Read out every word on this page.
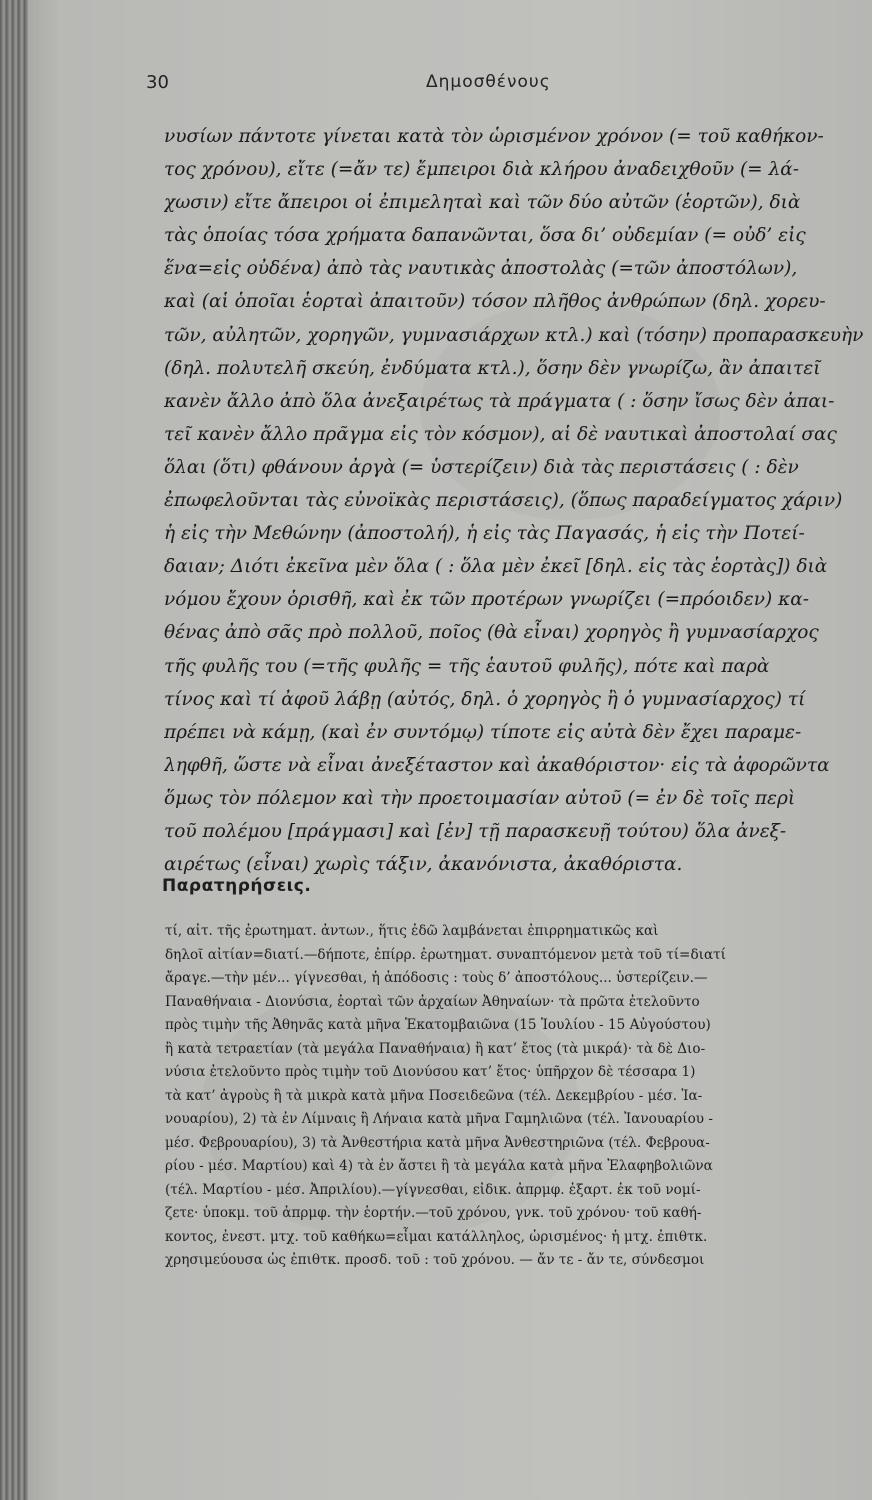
30	Δημοσθένους
νυσίων πάντοτε γίνεται κατὰ τὸν ὡρισμένον χρόνον (= τοῦ καθήκον-
τος χρόνου), εἴτε (=ἄν τε) ἔμπειροι διὰ κλήρου ἀναδειχθοῦν (= λά-
χωσιν) εἴτε ἄπειροι οἱ ἐπιμεληταὶ καὶ τῶν δύο αὐτῶν (ἑορτῶν), διὰ
τὰς ὁποίας τόσα χρήματα δαπανῶνται, ὅσα δι’ οὐδεμίαν (= οὐδ’ εἰς
ἕνα=εἰς οὐδένα) ἀπὸ τὰς ναυτικὰς ἀποστολὰς (=τῶν ἀποστόλων),
καὶ (αἱ ὁποῖαι ἑορταὶ ἀπαιτοῦν) τόσον πλῆθος ἀνθρώπων (δηλ. χορευ-
τῶν, αὐλητῶν, χορηγῶν, γυμνασιάρχων κτλ.) καὶ (τόσην) προπαρασκευὴν
(δηλ. πολυτελῆ σκεύη, ἐνδύματα κτλ.), ὅσην δὲν γνωρίζω, ἂν ἀπαιτεῖ
κανὲν ἄλλο ἀπὸ ὅλα ἀνεξαιρέτως τὰ πράγματα ( : ὅσην ἴσως δὲν ἀπαι-
τεῖ κανὲν ἄλλο πρᾶγμα εἰς τὸν κόσμον), αἱ δὲ ναυτικαὶ ἀποστολαί σας
ὅλαι (ὅτι) φθάνουν ἀργὰ (= ὑστερίζειν) διὰ τὰς περιστάσεις ( : δὲν
ἐπωφελοῦνται τὰς εὐνοϊκὰς περιστάσεις), (ὅπως παραδείγματος χάριν)
ἡ εἰς τὴν Μεθώνην (ἀποστολή), ἡ εἰς τὰς Παγασάς, ἡ εἰς τὴν Ποτεί-
δαιαν; Διότι ἐκεῖνα μὲν ὅλα ( : ὅλα μὲν ἐκεῖ [δηλ. εἰς τὰς ἑορτὰς]) διὰ
νόμου ἔχουν ὁρισθῆ, καὶ ἐκ τῶν προτέρων γνωρίζει (=πρόοιδεν) κα-
θένας ἀπὸ σᾶς πρὸ πολλοῦ, ποῖος (θὰ εἶναι) χορηγὸς ἢ γυμνασίαρχος
τῆς φυλῆς του (=τῆς φυλῆς = τῆς ἑαυτοῦ φυλῆς), πότε καὶ παρὰ
τίνος καὶ τί ἀφοῦ λάβῃ (αὐτός, δηλ. ὁ χορηγὸς ἢ ὁ γυμνασίαρχος) τί
πρέπει νὰ κάμῃ, (καὶ ἐν συντόμῳ) τίποτε εἰς αὐτὰ δὲν ἔχει παραμε-
ληφθῆ, ὥστε νὰ εἶναι ἀνεξέταστον καὶ ἀκαθόριστον· εἰς τὰ ἀφορῶντα
ὅμως τὸν πόλεμον καὶ τὴν προετοιμασίαν αὐτοῦ (= ἐν δὲ τοῖς περὶ
τοῦ πολέμου [πράγμασι] καὶ [ἐν] τῇ παρασκευῇ τούτου) ὅλα ἀνεξ-
αιρέτως (εἶναι) χωρὶς τάξιν, ἀκανόνιστα, ἀκαθόριστα.
Παρατηρήσεις.
τί, αἰτ. τῆς ἐρωτηματ. ἀντων., ἥτις ἐδῶ λαμβάνεται ἐπιρρηματικῶς καὶ
δηλοῖ αἰτίαν=διατί.—δήποτε, ἐπίρρ. ἐρωτηματ. συναπτόμενον μετὰ τοῦ τί=διατί
ἄραγε.—τὴν μέν... γίγνεσθαι, ἡ ἀπόδοσις : τοὺς δ’ ἀποστόλους... ὑστερίζειν.—
Παναθήναια - Διονύσια, ἑορταὶ τῶν ἀρχαίων Ἀθηναίων· τὰ πρῶτα ἐτελοῦντο
πρὸς τιμὴν τῆς Ἀθηνᾶς κατὰ μῆνα Ἑκατομβαιῶνα (15 Ἰουλίου - 15 Αὐγούστου)
ἢ κατὰ τετραετίαν (τὰ μεγάλα Παναθήναια) ἢ κατ’ ἔτος (τὰ μικρά)· τὰ δὲ Διο-
νύσια ἐτελοῦντο πρὸς τιμὴν τοῦ Διονύσου κατ’ ἔτος· ὑπῆρχον δὲ τέσσαρα 1)
τὰ κατ’ ἀγροὺς ἢ τὰ μικρὰ κατὰ μῆνα Ποσειδεῶνα (τέλ. Δεκεμβρίου - μέσ. Ἰα-
νουαρίου), 2) τὰ ἐν Λίμναις ἢ Λήναια κατὰ μῆνα Γαμηλιῶνα (τέλ. Ἰανουαρίου -
μέσ. Φεβρουαρίου), 3) τὰ Ἀνθεστήρια κατὰ μῆνα Ἀνθεστηριῶνα (τέλ. Φεβρουα-
ρίου - μέσ. Μαρτίου) καὶ 4) τὰ ἐν ἄστει ἢ τὰ μεγάλα κατὰ μῆνα Ἐλαφηβολιῶνα
(τέλ. Μαρτίου - μέσ. Ἀπριλίου).—γίγνεσθαι, εἰδικ. ἀπρμφ. ἐξαρτ. ἐκ τοῦ νομί-
ζετε· ὑποκμ. τοῦ ἀπρμφ. τὴν ἑορτήν.—τοῦ χρόνου, γνκ. τοῦ χρόνου· τοῦ καθή-
κοντος, ἐνεστ. μτχ. τοῦ καθήκω=εἶμαι κατάλληλος, ὡρισμένος· ἡ μτχ. ἐπιθτκ.
χρησιμεύουσα ὡς ἐπιθτκ. προσδ. τοῦ : τοῦ χρόνου. — ἄν τε - ἄν τε, σύνδεσμοι
